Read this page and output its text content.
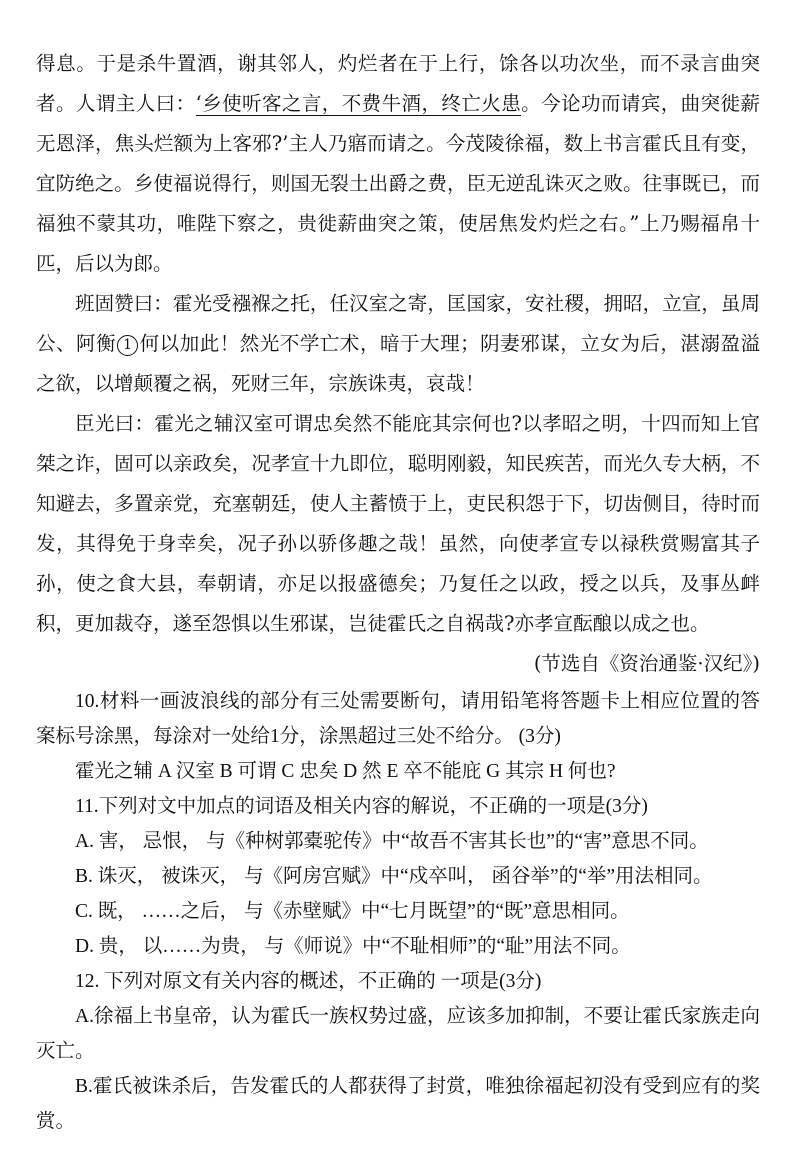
得息。于是杀牛置酒，谢其邻人，灼烂者在于上行，馀各以功次坐，而不录言曲突者。人谓主人曰：‘乡使听客之言，不费牛酒，终亡火患。今论功而请宾，曲突徙薪无恩泽，焦头烂额为上客邪?’主人乃寤而请之。今茂陵徐福，数上书言霍氏且有变，宜防绝之。乡使福说得行，则国无裂土出爵之费，臣无逆乱诛灭之败。往事既已，而福独不蒙其功，唯陛下察之，贵徙薪曲突之策，使居焦发灼烂之右。”上乃赐福帛十匹，后以为郎。

班固赞曰：霍光受襁褓之托，任汉室之寄，匡国家，安社稷，拥昭，立宣，虽周公、阿衡 1 何以加此！然光不学亡术，暗于大理；阴妻邪谋，立女为后，湛溺盈溢之欲，以增颠覆之祸，死财三年，宗族诛夷，哀哉！

臣光曰：霍光之辅汉室可谓忠矣然不能庇其宗何也?以孝昭之明，十四而知上官桀之诈，固可以亲政矣，况孝宣十九即位，聪明刚毅，知民疾苦，而光久专大柄，不知避去，多置亲党，充塞朝廷，使人主蓄愤于上，吏民积怨于下，切齿侧目，待时而发，其得免于身幸矣，况子孙以骄侈趣之哉！虽然，向使孝宣专以禄秩赏赐富其子孙，使之食大县，奉朝请，亦足以报盛德矣；乃复任之以政，授之以兵，及事丛衅积，更加裁夺，遂至怨惧以生邪谋，岂徒霍氏之自祸哉?亦孝宣酝酿以成之也。

(节选自《资治通鉴·汉纪》)

10.材料一画波浪线的部分有三处需要断句，请用铅笔将答题卡上相应位置的答案标号涂黑，每涂对一处给1分，涂黑超过三处不给分。 (3分)

霍光之辅 A 汉室 B 可谓 C 忠矣 D 然 E 卒不能庇 G 其宗 H 何也?

11.下列对文中加点的词语及相关内容的解说，不正确的一项是(3分)

A. 害， 忌恨， 与《种树郭橐驼传》中“故吾不害其长也”的“害”意思不同。

B. 诛灭， 被诛灭， 与《阿房宫赋》中“戍卒叫， 函谷举”的“举”用法相同。

C. 既， ……之后， 与《赤壁赋》中“七月既望”的“既”意思相同。

D. 贵， 以……为贵， 与《师说》中“不耻相师”的“耻”用法不同。

12. 下列对原文有关内容的概述，不正确的 一项是(3分)

A.徐福上书皇帝，认为霍氏一族权势过盛，应该多加抑制，不要让霍氏家族走向灭亡。

B.霍氏被诛杀后，告发霍氏的人都获得了封赏，唯独徐福起初没有受到应有的奖赏。
